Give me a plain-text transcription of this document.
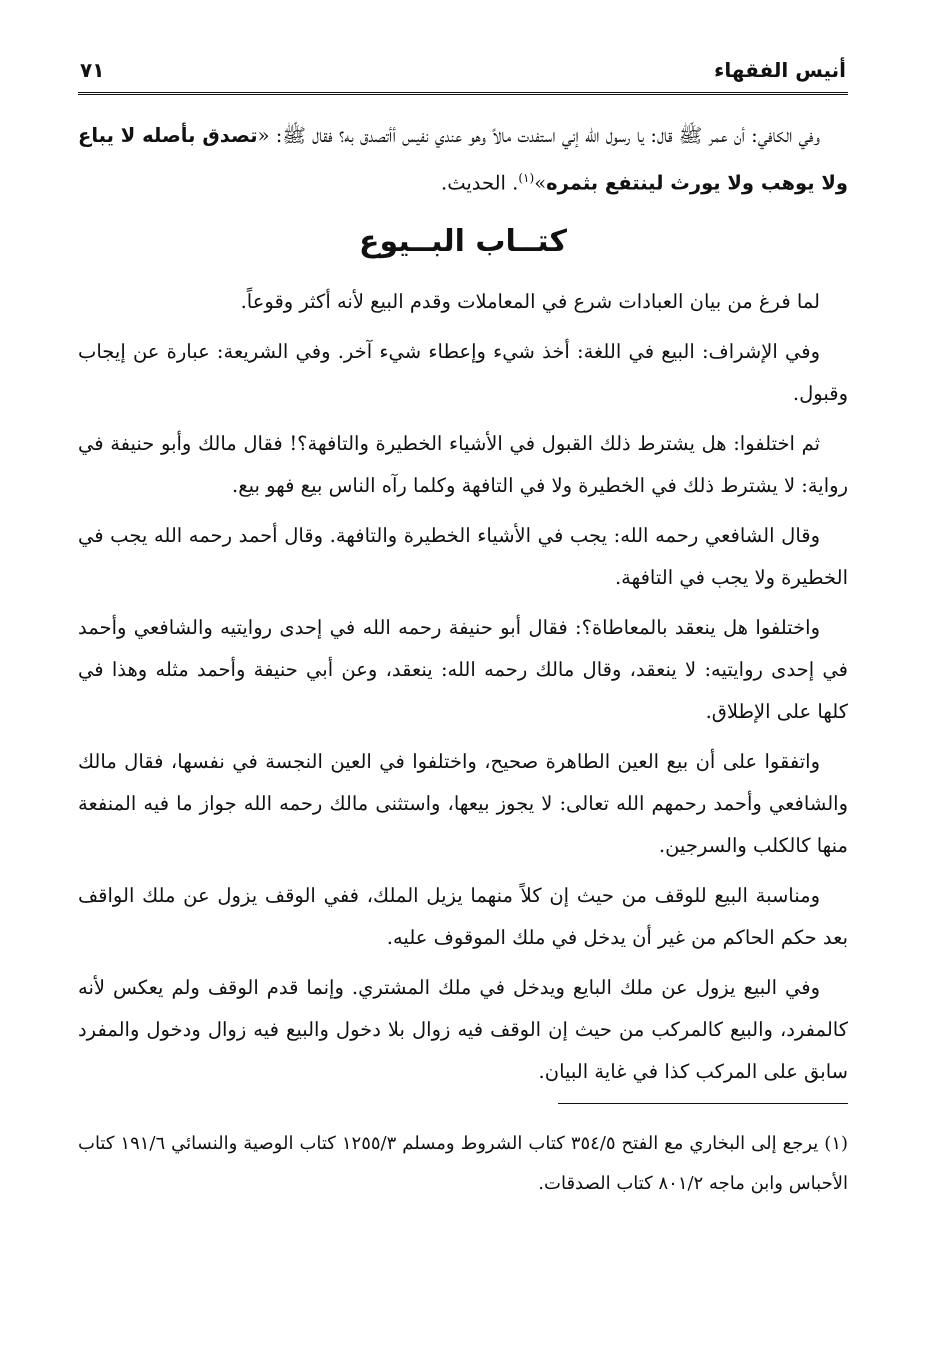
أنيس الفقهاء
٧١

وفي الكافي: أن عمر ﷺ قال: يا رسول الله إني استفدت مالاً وهو عندي نفيس أأتصدق به؟ فقال ﷺ: «تصدق بأصله لا يباع ولا يوهب ولا يورث لينتفع بثمره»$^{(١)}$. الحديث.

كتــاب البــيوع

لما فرغ من بيان العبادات شرع في المعاملات وقدم البيع لأنه أكثر وقوعاً.

وفي الإشراف: البيع في اللغة: أخذ شيء وإعطاء شيء آخر. وفي الشريعة: عبارة عن إيجاب وقبول.

ثم اختلفوا: هل يشترط ذلك القبول في الأشياء الخطيرة والتافهة؟! فقال مالك وأبو حنيفة في رواية: لا يشترط ذلك في الخطيرة ولا في التافهة وكلما رآه الناس بيع فهو بيع.

وقال الشافعي رحمه الله: يجب في الأشياء الخطيرة والتافهة. وقال أحمد رحمه الله يجب في الخطيرة ولا يجب في التافهة.

واختلفوا هل ينعقد بالمعاطاة؟: فقال أبو حنيفة رحمه الله في إحدى روايتيه والشافعي وأحمد في إحدى روايتيه: لا ينعقد، وقال مالك رحمه الله: ينعقد، وعن أبي حنيفة وأحمد مثله وهذا في كلها على الإطلاق.

واتفقوا على أن بيع العين الطاهرة صحيح، واختلفوا في العين النجسة في نفسها، فقال مالك والشافعي وأحمد رحمهم الله تعالى: لا يجوز بيعها، واستثنى مالك رحمه الله جواز ما فيه المنفعة منها كالكلب والسرجين.

ومناسبة البيع للوقف من حيث إن كلاً منهما يزيل الملك، ففي الوقف يزول عن ملك الواقف بعد حكم الحاكم من غير أن يدخل في ملك الموقوف عليه.

وفي البيع يزول عن ملك البايع ويدخل في ملك المشتري. وإنما قدم الوقف ولم يعكس لأنه كالمفرد، والبيع كالمركب من حيث إن الوقف فيه زوال بلا دخول والبيع فيه زوال ودخول والمفرد سابق على المركب كذا في غاية البيان.

(١) يرجع إلى البخاري مع الفتح ٣٥٤/٥ كتاب الشروط ومسلم ١٢٥٥/٣ كتاب الوصية والنسائي ١٩١/٦ كتاب الأحباس وابن ماجه ٨٠١/٢ كتاب الصدقات.
